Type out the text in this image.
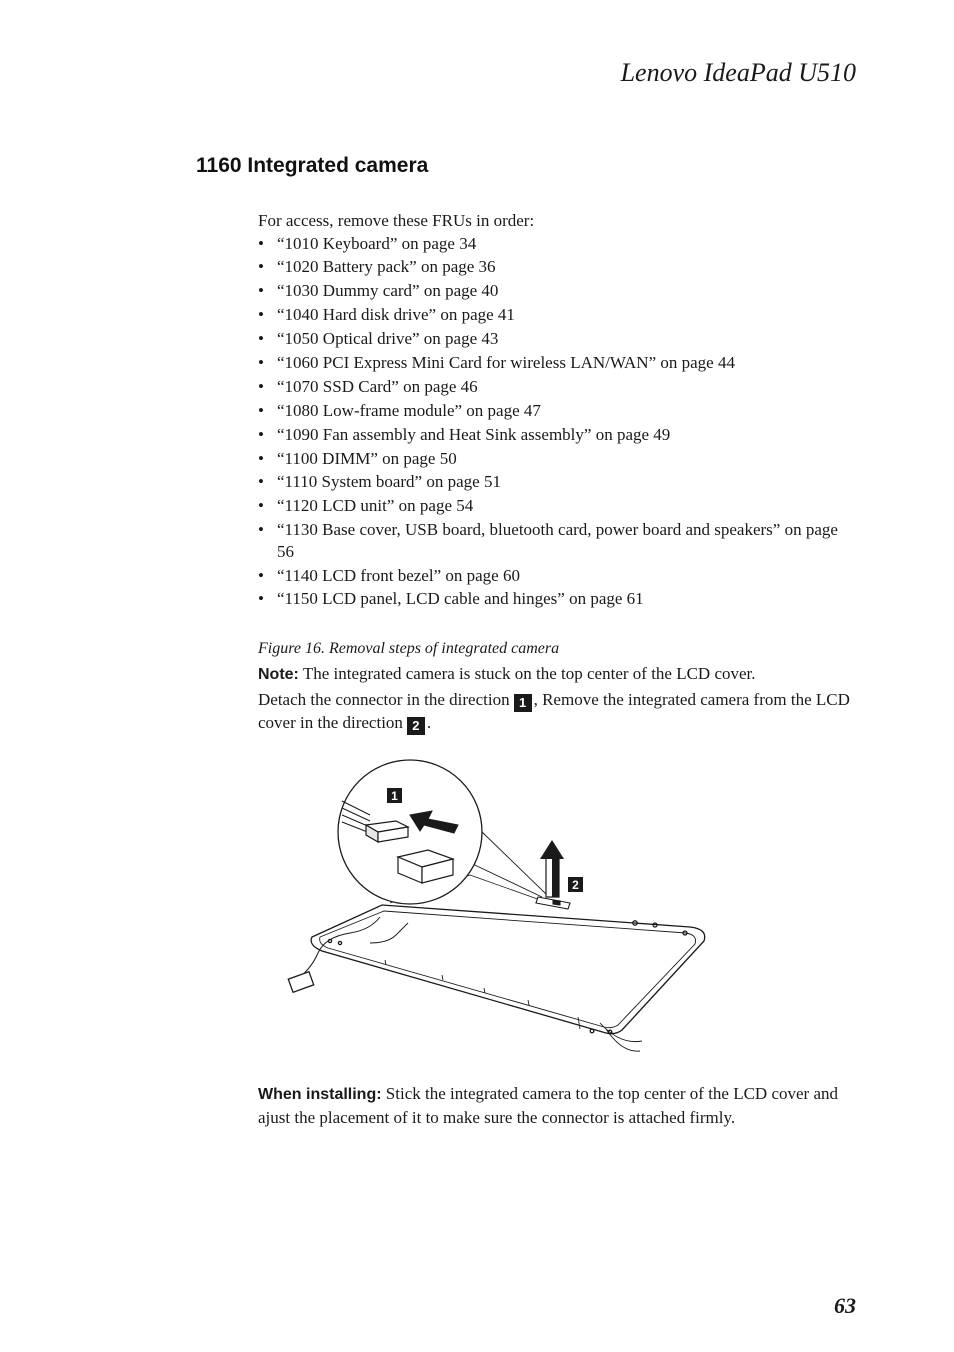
Lenovo IdeaPad U510
1160 Integrated camera

For access, remove these FRUs in order:

• “1010 Keyboard” on page 34
• “1020 Battery pack” on page 36
• “1030 Dummy card” on page 40
• “1040 Hard disk drive” on page 41
• “1050 Optical drive” on page 43
• “1060 PCI Express Mini Card for wireless LAN/WAN” on page 44
• “1070 SSD Card” on page 46
• “1080 Low-frame module” on page 47
• “1090 Fan assembly and Heat Sink assembly” on page 49
• “1100 DIMM” on page 50
• “1110 System board” on page 51
• “1120 LCD unit” on page 54
• “1130 Base cover, USB board, bluetooth card, power board and speakers” on page 56
• “1140 LCD front bezel” on page 60
• “1150 LCD panel, LCD cable and hinges” on page 61

Figure 16. Removal steps of integrated camera

Note: The integrated camera is stuck on the top center of the LCD cover.

Detach the connector in the direction 1 , Remove the integrated camera from the LCD cover in the direction 2 .

1
2

When installing: Stick the integrated camera to the top center of the LCD cover and ajust the placement of it to make sure the connector is attached firmly.

63
